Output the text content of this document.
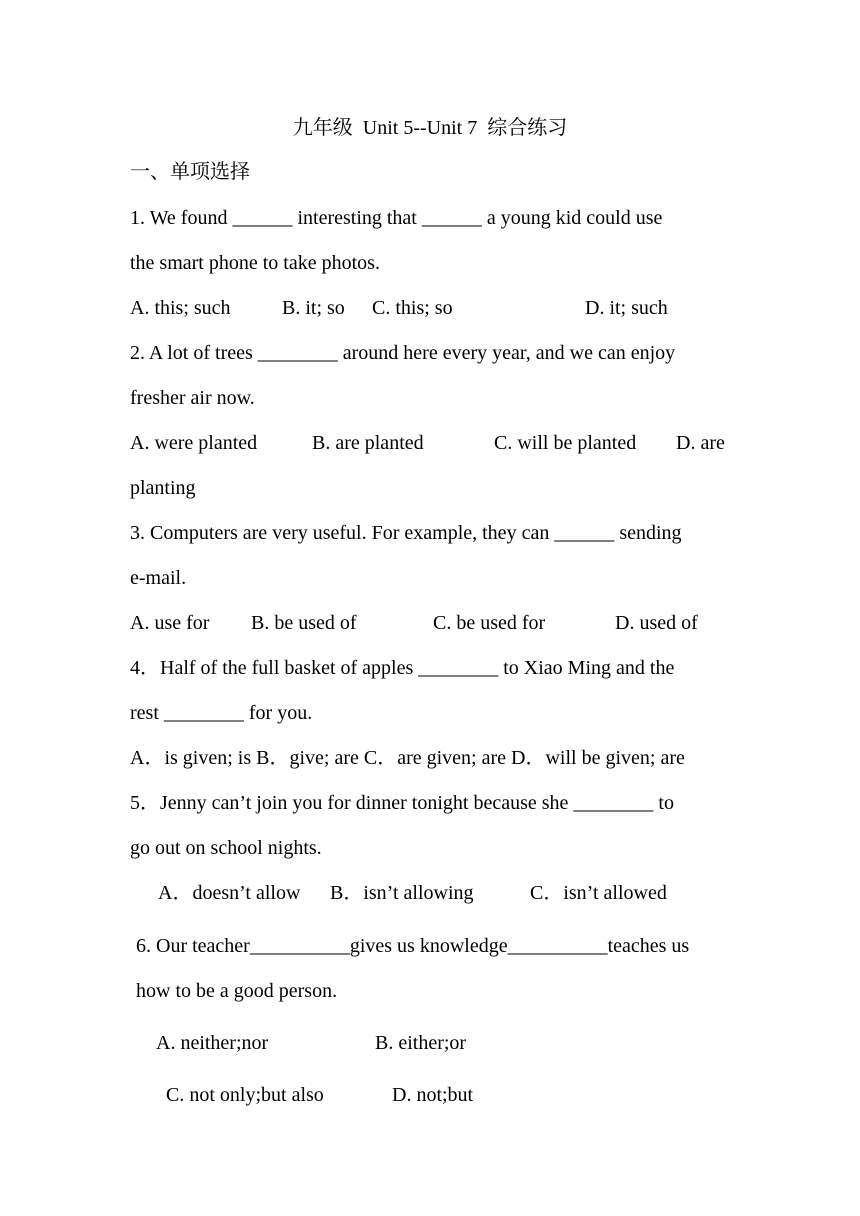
九年级  Unit 5--Unit 7  综合练习
一、单项选择
1. We found ______ interesting that ______ a young kid could use
the smart phone to take photos.
A. this; such	B. it; so C. this; so	D. it; such
2. A lot of trees ________ around here every year, and we can enjoy
fresher air now.
A. were planted	B. are planted	C. will be planted D. are
planting
3. Computers are very useful. For example, they can ______ sending
e-mail.
A. use for B. be used of	C. be used for	D. used of
4．Half of the full basket of apples ________ to Xiao Ming and the
rest ________ for you.
A．is given; is B．give; are C．are given; are D．will be given; are
5．Jenny can’t join you for dinner tonight because she ________ to
go out on school nights.
A．doesn’t allow B．isn’t allowing	C．isn’t allowed
6. Our teacher__________gives us knowledge__________teaches us
how to be a good person.
A. neither;nor	B. either;or
C. not only;but also	D. not;but
